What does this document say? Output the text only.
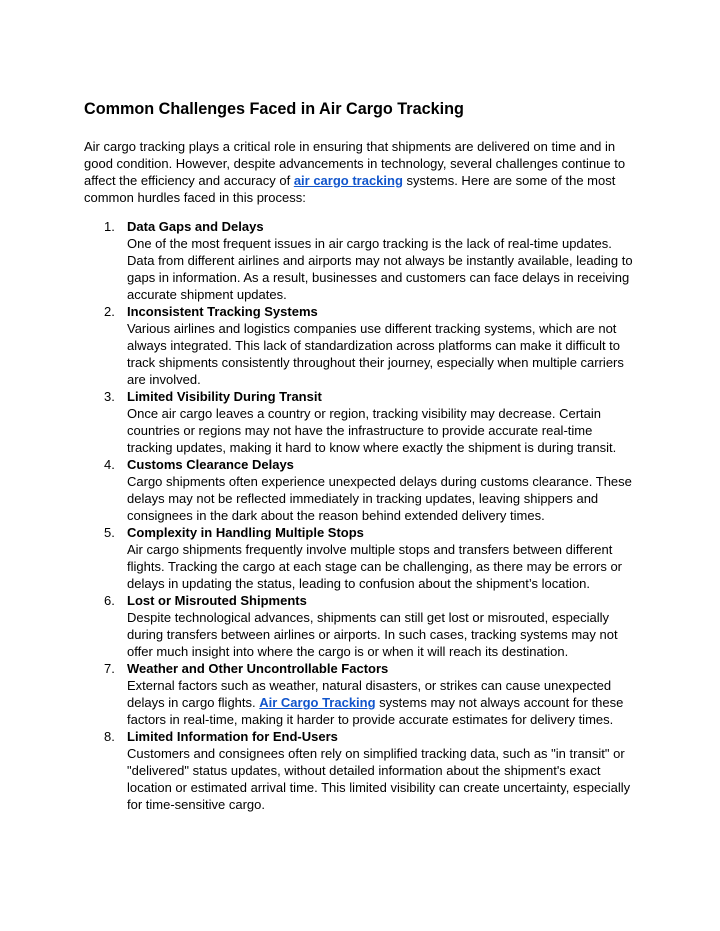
Common Challenges Faced in Air Cargo Tracking

Air cargo tracking plays a critical role in ensuring that shipments are delivered on time and in good condition. However, despite advancements in technology, several challenges continue to affect the efficiency and accuracy of air cargo tracking systems. Here are some of the most common hurdles faced in this process:

1. Data Gaps and Delays
One of the most frequent issues in air cargo tracking is the lack of real-time updates. Data from different airlines and airports may not always be instantly available, leading to gaps in information. As a result, businesses and customers can face delays in receiving accurate shipment updates.
2. Inconsistent Tracking Systems
Various airlines and logistics companies use different tracking systems, which are not always integrated. This lack of standardization across platforms can make it difficult to track shipments consistently throughout their journey, especially when multiple carriers are involved.
3. Limited Visibility During Transit
Once air cargo leaves a country or region, tracking visibility may decrease. Certain countries or regions may not have the infrastructure to provide accurate real-time tracking updates, making it hard to know where exactly the shipment is during transit.
4. Customs Clearance Delays
Cargo shipments often experience unexpected delays during customs clearance. These delays may not be reflected immediately in tracking updates, leaving shippers and consignees in the dark about the reason behind extended delivery times.
5. Complexity in Handling Multiple Stops
Air cargo shipments frequently involve multiple stops and transfers between different flights. Tracking the cargo at each stage can be challenging, as there may be errors or delays in updating the status, leading to confusion about the shipment’s location.
6. Lost or Misrouted Shipments
Despite technological advances, shipments can still get lost or misrouted, especially during transfers between airlines or airports. In such cases, tracking systems may not offer much insight into where the cargo is or when it will reach its destination.
7. Weather and Other Uncontrollable Factors
External factors such as weather, natural disasters, or strikes can cause unexpected delays in cargo flights. Air Cargo Tracking systems may not always account for these factors in real-time, making it harder to provide accurate estimates for delivery times.
8. Limited Information for End-Users
Customers and consignees often rely on simplified tracking data, such as "in transit" or "delivered" status updates, without detailed information about the shipment's exact location or estimated arrival time. This limited visibility can create uncertainty, especially for time-sensitive cargo.
